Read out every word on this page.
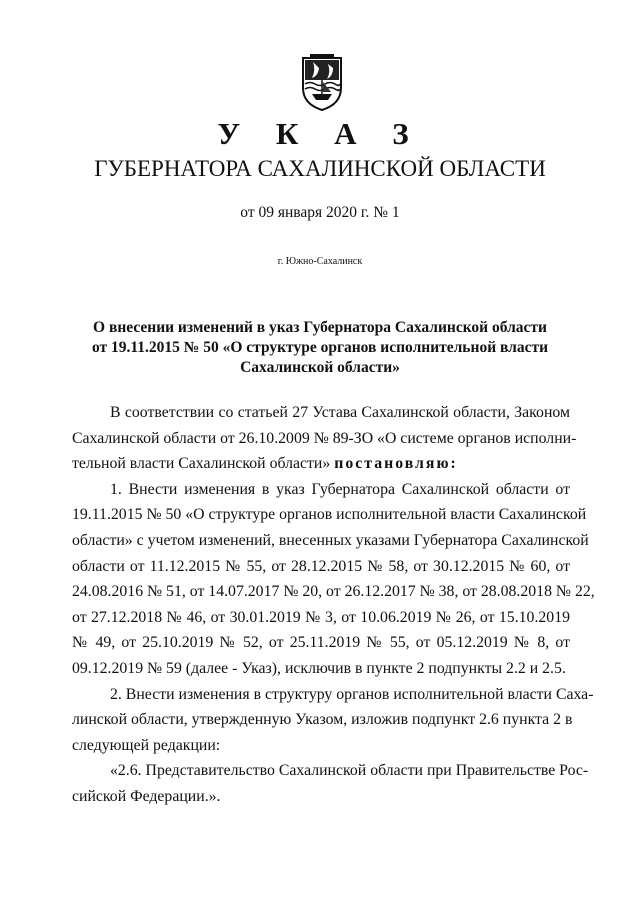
У К А З
ГУБЕРНАТОРА САХАЛИНСКОЙ ОБЛАСТИ
от 09 января 2020 г. № 1
г. Южно-Сахалинск
О внесении изменений в указ Губернатора Сахалинской области
от 19.11.2015 № 50 «О структуре органов исполнительной власти
Сахалинской области»
В соответствии со статьей 27 Устава Сахалинской области, Законом
Сахалинской области от 26.10.2009 № 89-ЗО «О системе органов исполни-
тельной власти Сахалинской области» постановляю:
1. Внести изменения в указ Губернатора Сахалинской области от
19.11.2015 № 50 «О структуре органов исполнительной власти Сахалинской
области» с учетом изменений, внесенных указами Губернатора Сахалинской
области от 11.12.2015 № 55, от 28.12.2015 № 58, от 30.12.2015 № 60, от
24.08.2016 № 51, от 14.07.2017 № 20, от 26.12.2017 № 38, от 28.08.2018 № 22,
от 27.12.2018 № 46, от 30.01.2019 № 3, от 10.06.2019 № 26, от 15.10.2019
№ 49, от 25.10.2019 № 52, от 25.11.2019 № 55, от 05.12.2019 № 8, от
09.12.2019 № 59 (далее - Указ), исключив в пункте 2 подпункты 2.2 и 2.5.
2. Внести изменения в структуру органов исполнительной власти Саха-
линской области, утвержденную Указом, изложив подпункт 2.6 пункта 2 в
следующей редакции:
«2.6. Представительство Сахалинской области при Правительстве Рос-
сийской Федерации.».
